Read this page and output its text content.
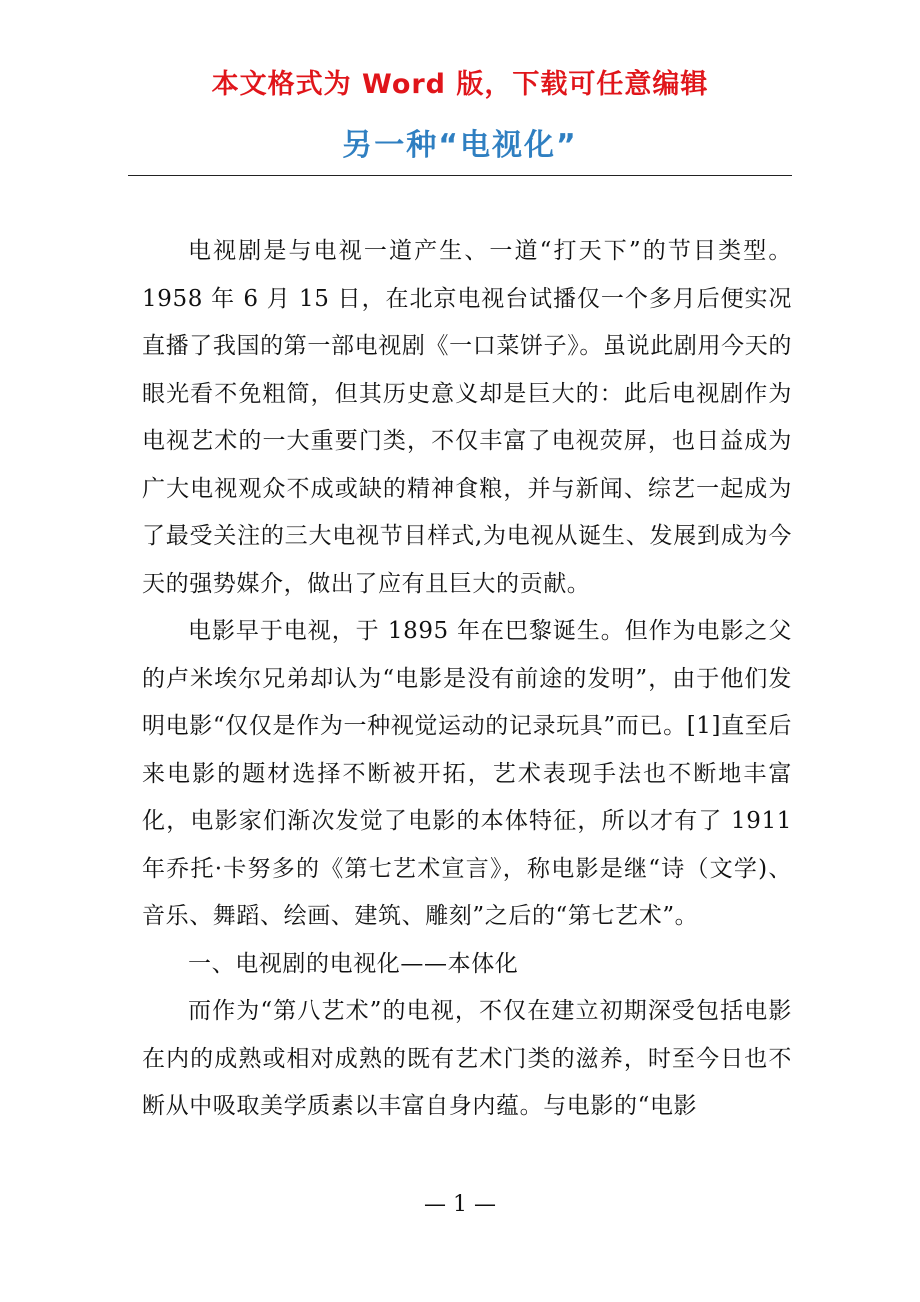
本文格式为 Word 版，下载可任意编辑
另一种“电视化”

电视剧是与电视一道产生、一道“打天下”的节目类型。1958 年 6 月 15 日，在北京电视台试播仅一个多月后便实况直播了我国的第一部电视剧《一口菜饼子》。虽说此剧用今天的眼光看不免粗简，但其历史意义却是巨大的：此后电视剧作为电视艺术的一大重要门类，不仅丰富了电视荧屏，也日益成为广大电视观众不成或缺的精神食粮，并与新闻、综艺一起成为了最受关注的三大电视节目样式,为电视从诞生、发展到成为今天的强势媒介，做出了应有且巨大的贡献。

电影早于电视，于 1895 年在巴黎诞生。但作为电影之父的卢米埃尔兄弟却认为“电影是没有前途的发明”，由于他们发明电影“仅仅是作为一种视觉运动的记录玩具”而已。[1]直至后来电影的题材选择不断被开拓，艺术表现手法也不断地丰富化，电影家们渐次发觉了电影的本体特征，所以才有了 1911 年乔托·卡努多的《第七艺术宣言》，称电影是继“诗（文学)、音乐、舞蹈、绘画、建筑、雕刻”之后的“第七艺术”。

一、电视剧的电视化——本体化

而作为“第八艺术”的电视，不仅在建立初期深受包括电影在内的成熟或相对成熟的既有艺术门类的滋养，时至今日也不断从中吸取美学质素以丰富自身内蕴。与电影的“电影

— 1 —
